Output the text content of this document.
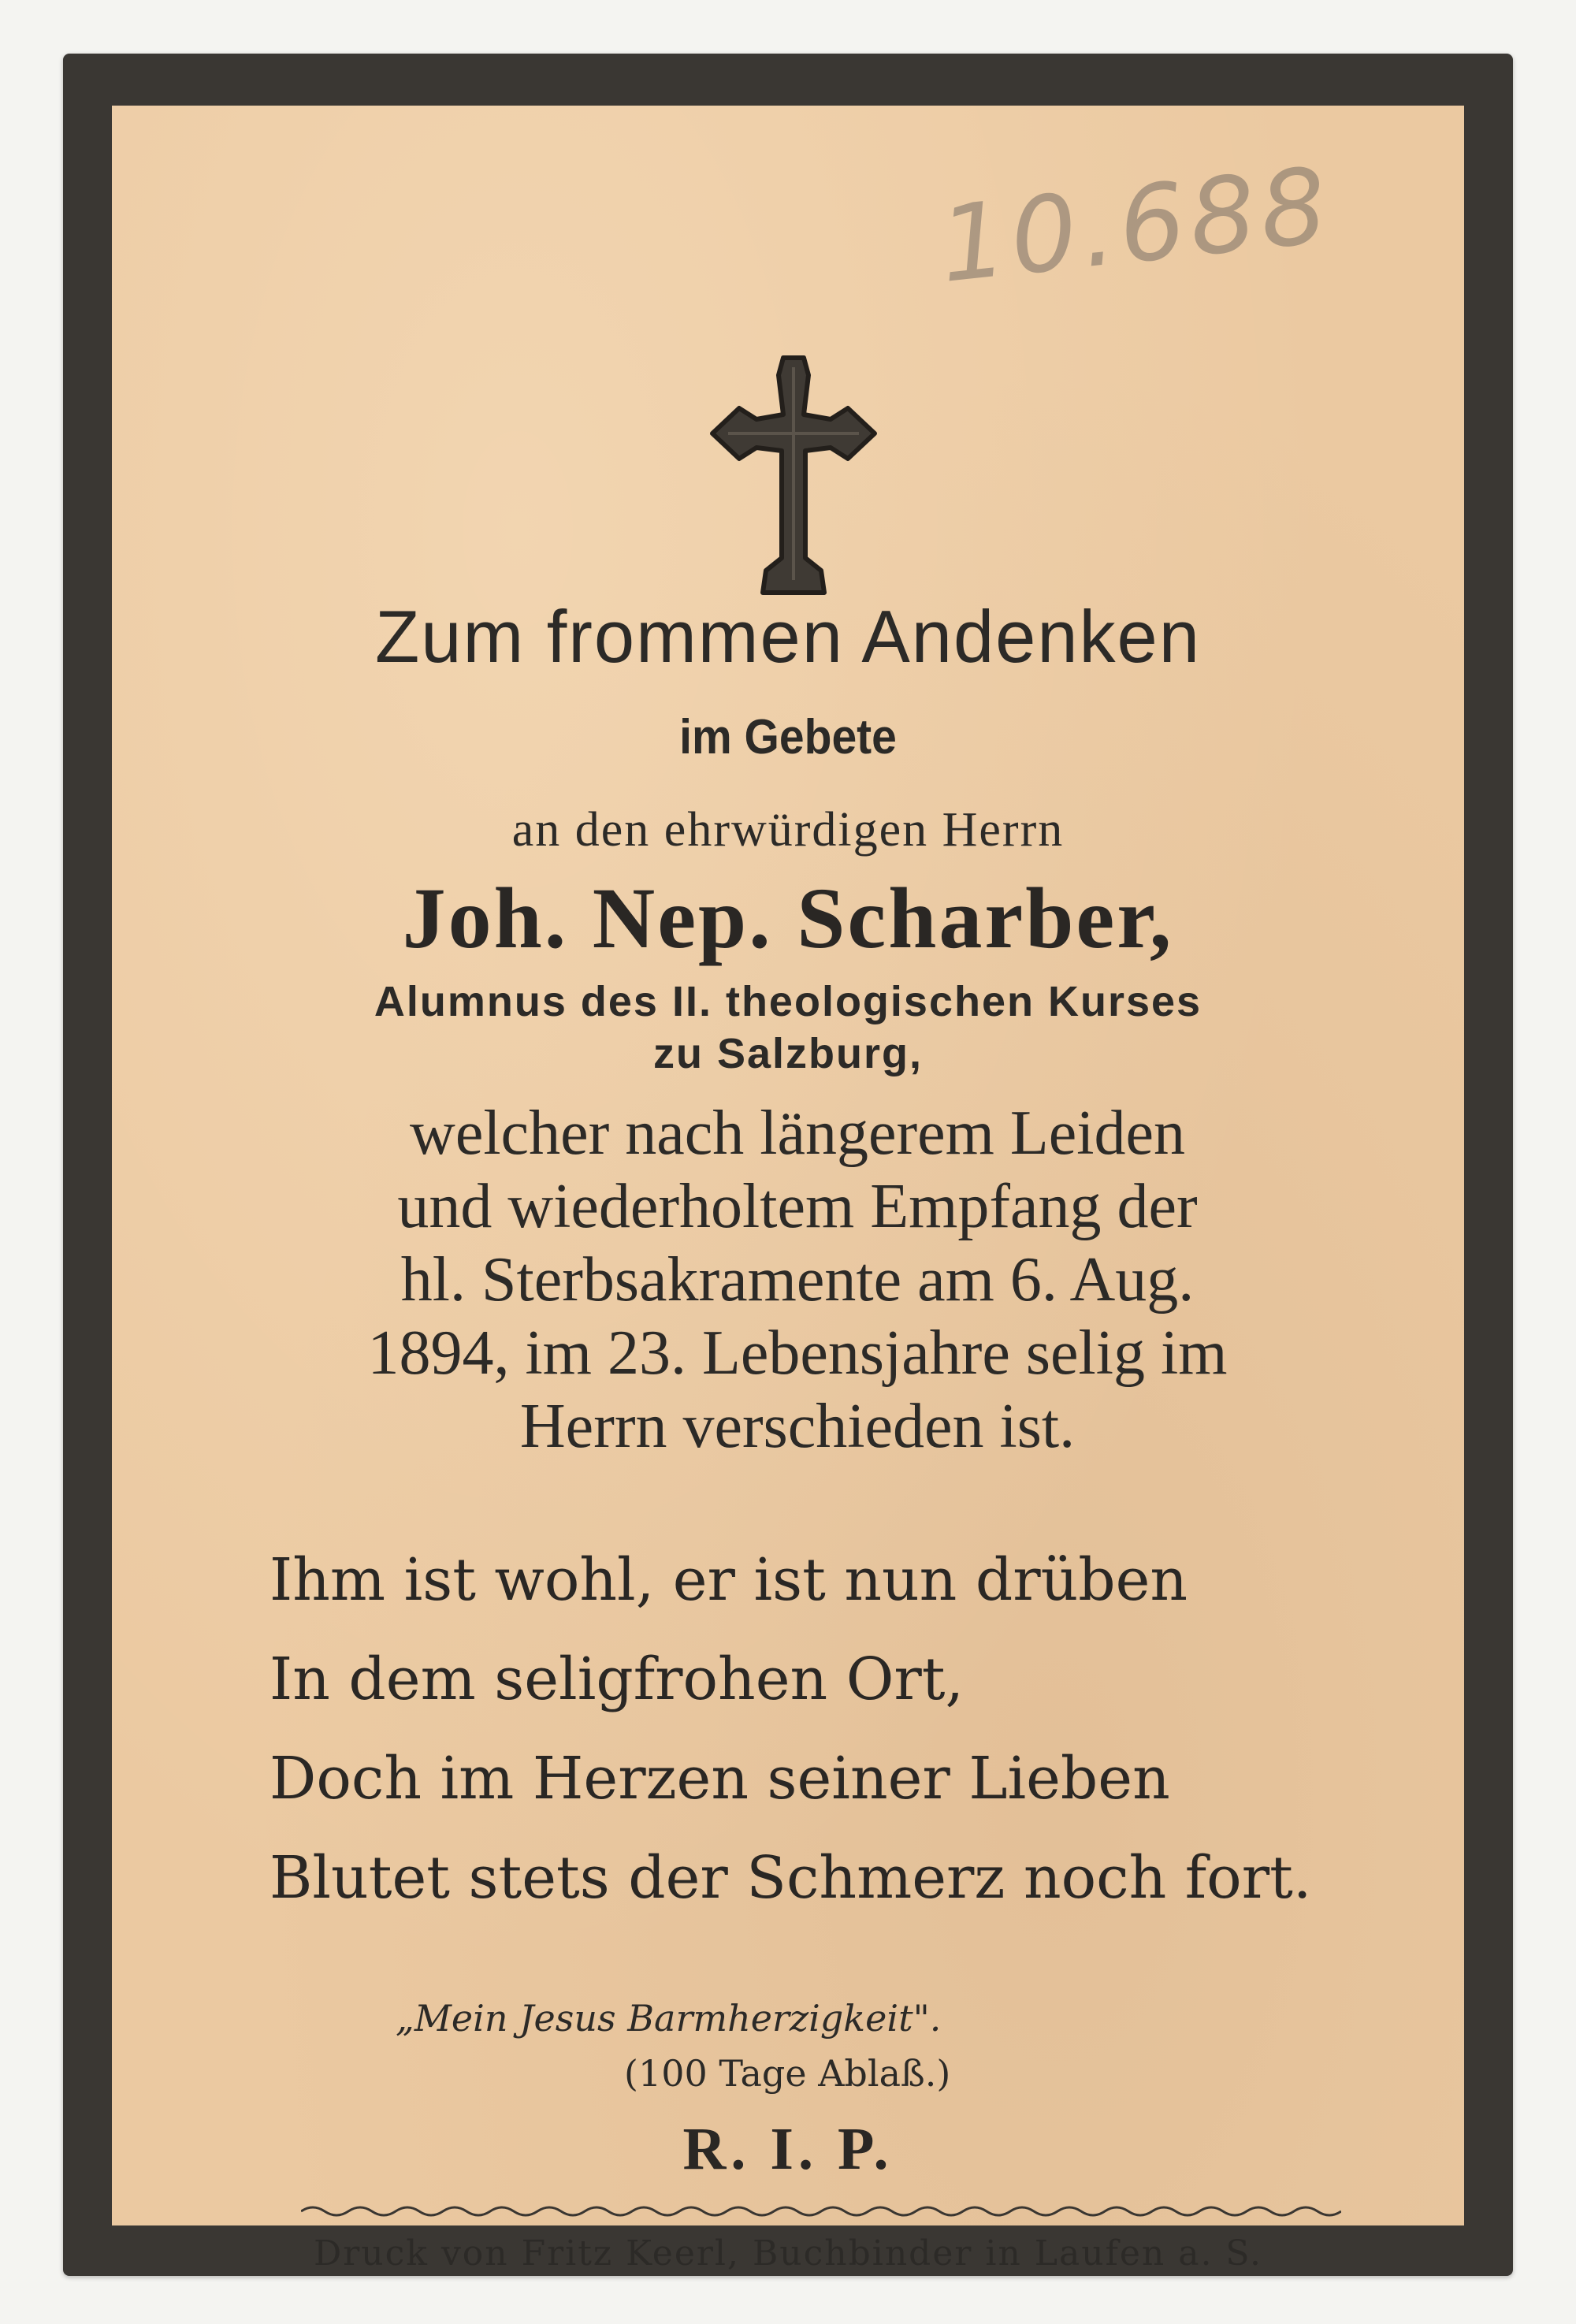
10.688
Zum frommen Andenken
im Gebete
an den ehrwürdigen Herrn
Joh. Nep. Scharber,
Alumnus des II. theologischen Kurses
zu Salzburg,
welcher nach längerem Leiden
und wiederholtem Empfang der
hl. Sterbsakramente am 6. Aug.
1894, im 23. Lebensjahre selig im
Herrn verschieden ist.
Ihm ist wohl, er ist nun drüben
In dem seligfrohen Ort,
Doch im Herzen seiner Lieben
Blutet stets der Schmerz noch fort.
„Mein Jesus Barmherzigkeit".
(100 Tage Ablaß.)
R. I. P.
Druck von Fritz Keerl, Buchbinder in Laufen a. S.
